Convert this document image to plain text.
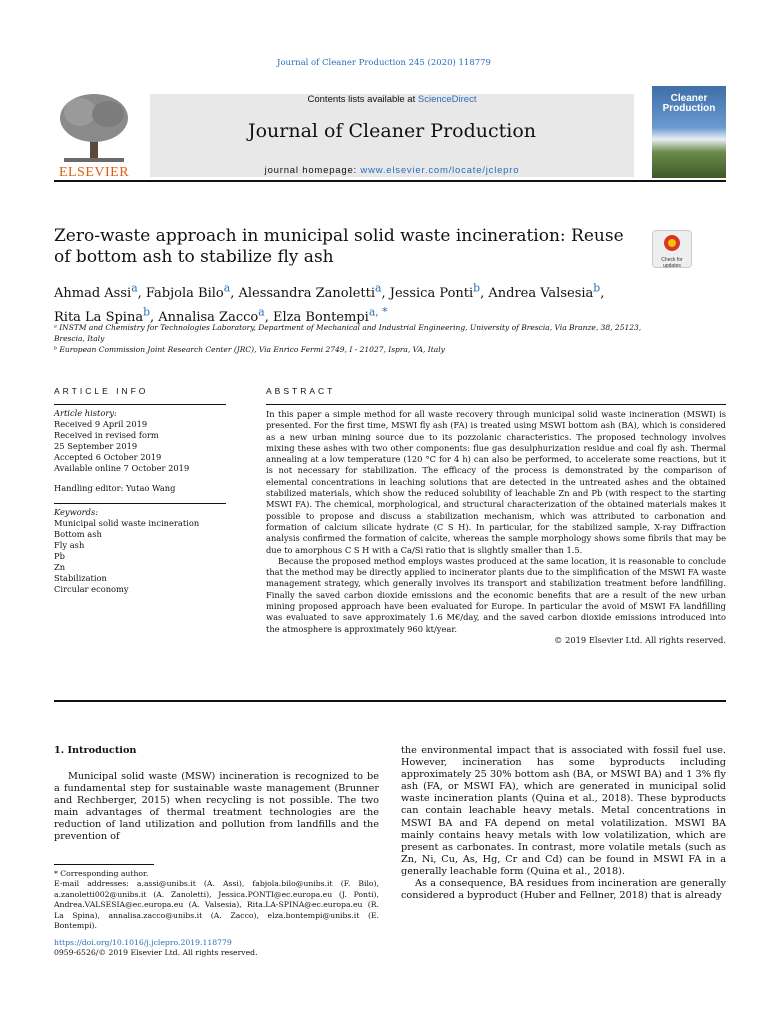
Journal of Cleaner Production 245 (2020) 118779
ELSEVIER
Contents lists available at ScienceDirect
Journal of Cleaner Production
journal homepage: www.elsevier.com/locate/jclepro
Cleaner
Production
Zero-waste approach in municipal solid waste incineration: Reuse of bottom ash to stabilize fly ash	Check for
updates
Ahmad Assi$^a$, Fabjola Bilo$^a$, Alessandra Zanoletti$^a$, Jessica Ponti$^b$, Andrea Valsesia$^b$,
Rita La Spina$^b$, Annalisa Zacco$^a$, Elza Bontempi$^{a, *}$
ᵃ INSTM and Chemistry for Technologies Laboratory, Department of Mechanical and Industrial Engineering, University of Brescia, Via Branze, 38, 25123, Brescia, Italy
ᵇ European Commission Joint Research Center (JRC), Via Enrico Fermi 2749, I - 21027, Ispra, VA, Italy
ARTICLE INFO	ABSTRACT
Article history:
Received 9 April 2019
Received in revised form
25 September 2019
Accepted 6 October 2019
Available online 7 October 2019
Handling editor: Yutao Wang
Keywords:
Municipal solid waste incineration
Bottom ash
Fly ash
Pb
Zn
Stabilization
Circular economy

In this paper a simple method for all waste recovery through municipal solid waste incineration (MSWI) is presented. For the first time, MSWI fly ash (FA) is treated using MSWI bottom ash (BA), which is considered as a new urban mining source due to its pozzolanic characteristics. The proposed technology involves mixing these ashes with two other components: flue gas desulphurization residue and coal fly ash. Thermal annealing at a low temperature (120 °C for 4 h) can also be performed, to accelerate some reactions, but it is not necessary for stabilization. The efficacy of the process is demonstrated by the comparison of elemental concentrations in leaching solutions that are detected in the untreated ashes and the obtained stabilized materials, which show the reduced solubility of leachable Zn and Pb (with respect to the starting MSWI FA). The chemical, morphological, and structural characterization of the obtained materials makes it possible to propose and discuss a stabilization mechanism, which was attributed to carbonation and formation of calcium silicate hydrate (C S H). In particular, for the stabilized sample, X-ray Diffraction analysis confirmed the formation of calcite, whereas the sample morphology shows some fibrils that may be due to amorphous C S H with a Ca/Si ratio that is slightly smaller than 1.5.

Because the proposed method employs wastes produced at the same location, it is reasonable to conclude that the method may be directly applied to incinerator plants due to the simplification of the MSWI FA waste management strategy, which generally involves its transport and stabilization treatment before landfilling. Finally the saved carbon dioxide emissions and the economic benefits that are a result of the new urban mining proposed approach have been evaluated for Europe. In particular the avoid of MSWI FA landfilling was evaluated to save approximately 1.6 M€/day, and the saved carbon dioxide emissions introduced into the atmosphere is approximately 960 kt/year.

© 2019 Elsevier Ltd. All rights reserved.
1. Introduction

Municipal solid waste (MSW) incineration is recognized to be a fundamental step for sustainable waste management (Brunner and Rechberger, 2015) when recycling is not possible. The two main advantages of thermal treatment technologies are the reduction of land utilization and pollution from landfills and the prevention of

the environmental impact that is associated with fossil fuel use. However, incineration has some byproducts including approximately 25 30% bottom ash (BA, or MSWI BA) and 1 3% fly ash (FA, or MSWI FA), which are generated in municipal solid waste incineration plants (Quina et al., 2018). These byproducts can contain leachable heavy metals. Metal concentrations in MSWI BA and FA depend on metal volatilization. MSWI BA mainly contains heavy metals with low volatilization, which are present as carbonates. In contrast, more volatile metals (such as Zn, Ni, Cu, As, Hg, Cr and Cd) can be found in MSWI FA in a generally leachable form (Quina et al., 2018).

As a consequence, BA residues from incineration are generally considered a byproduct (Huber and Fellner, 2018) that is already

* Corresponding author.
E-mail addresses: a.assi@unibs.it (A. Assi), fabjola.bilo@unibs.it (F. Bilo), a.zanoletti002@unibs.it (A. Zanoletti), Jessica.PONTI@ec.europa.eu (J. Ponti), Andrea.VALSESIA@ec.europa.eu (A. Valsesia), Rita.LA-SPINA@ec.europa.eu (R. La Spina), annalisa.zacco@unibs.it (A. Zacco), elza.bontempi@unibs.it (E. Bontempi).
https://doi.org/10.1016/j.jclepro.2019.118779
0959-6526/© 2019 Elsevier Ltd. All rights reserved.
